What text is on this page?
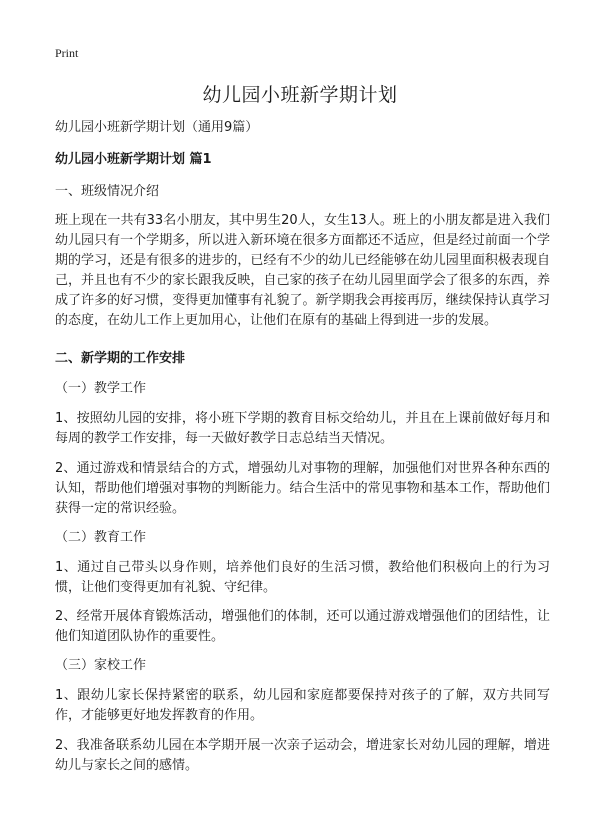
Print
幼儿园小班新学期计划

幼儿园小班新学期计划（通用9篇）

幼儿园小班新学期计划 篇1

一、班级情况介绍

班上现在一共有33名小朋友，其中男生20人，女生13人。班上的小朋友都是进入我们幼儿园只有一个学期多，所以进入新环境在很多方面都还不适应，但是经过前面一个学期的学习，还是有很多的进步的，已经有不少的幼儿已经能够在幼儿园里面积极表现自己，并且也有不少的家长跟我反映，自己家的孩子在幼儿园里面学会了很多的东西，养成了许多的好习惯，变得更加懂事有礼貌了。新学期我会再接再厉，继续保持认真学习的态度，在幼儿工作上更加用心，让他们在原有的基础上得到进一步的发展。

二、新学期的工作安排

（一）教学工作

1、按照幼儿园的安排，将小班下学期的教育目标交给幼儿，并且在上课前做好每月和每周的教学工作安排，每一天做好教学日志总结当天情况。

2、通过游戏和情景结合的方式，增强幼儿对事物的理解，加强他们对世界各种东西的认知，帮助他们增强对事物的判断能力。结合生活中的常见事物和基本工作，帮助他们获得一定的常识经验。

（二）教育工作

1、通过自己带头以身作则，培养他们良好的生活习惯，教给他们积极向上的行为习惯，让他们变得更加有礼貌、守纪律。

2、经常开展体育锻炼活动，增强他们的体制，还可以通过游戏增强他们的团结性，让他们知道团队协作的重要性。

（三）家校工作

1、跟幼儿家长保持紧密的联系，幼儿园和家庭都要保持对孩子的了解，双方共同写作，才能够更好地发挥教育的作用。

2、我准备联系幼儿园在本学期开展一次亲子运动会，增进家长对幼儿园的理解，增进幼儿与家长之间的感情。
